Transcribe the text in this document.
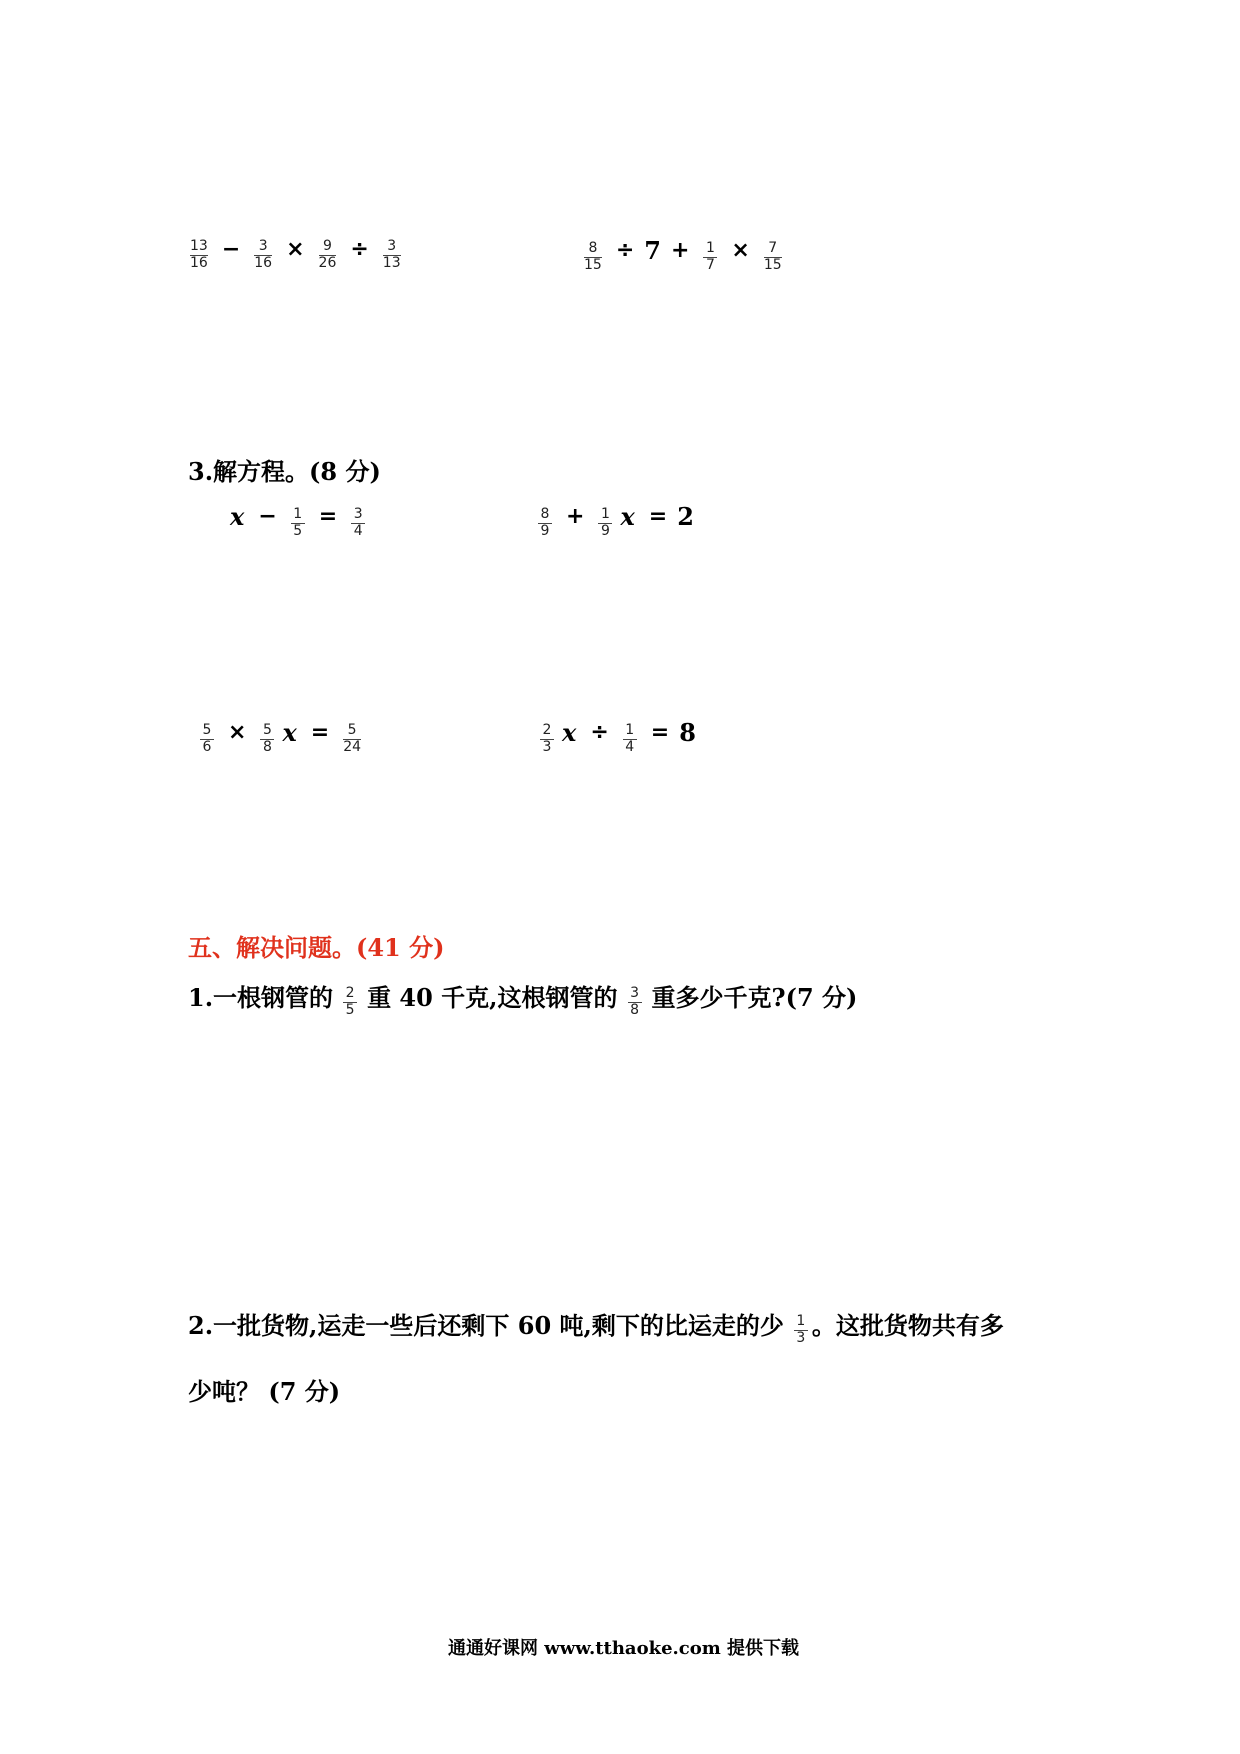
$\frac{13}{16} - \frac{3}{16} \times \frac{9}{26} \div \frac{3}{13}$	$\frac{8}{15} \div 7 + \frac{1}{7} \times \frac{7}{15}$
3.解方程。(8 分)
$x - \frac{1}{5} = \frac{3}{4}$	$\frac{8}{9} + \frac{1}{9}$ x = 2
$\frac{5}{6} \times \frac{5}{8}$ $x = \frac{5}{24}$	$\frac{2}{3}$ $x \div \frac{1}{4} = 8$
五、解决问题。(41 分)
1.一根钢管的 $\frac{2}{5}$ 重 40 千克,这根钢管的 $\frac{3}{8}$ 重多少千克?(7 分)
2.一批货物,运走一些后还剩下 60 吨,剩下的比运走的少 $\frac{1}{3}$ 。这批货物共有多
少吨？ (7 分)
通通好课网 www.tthaoke.com 提供下载
